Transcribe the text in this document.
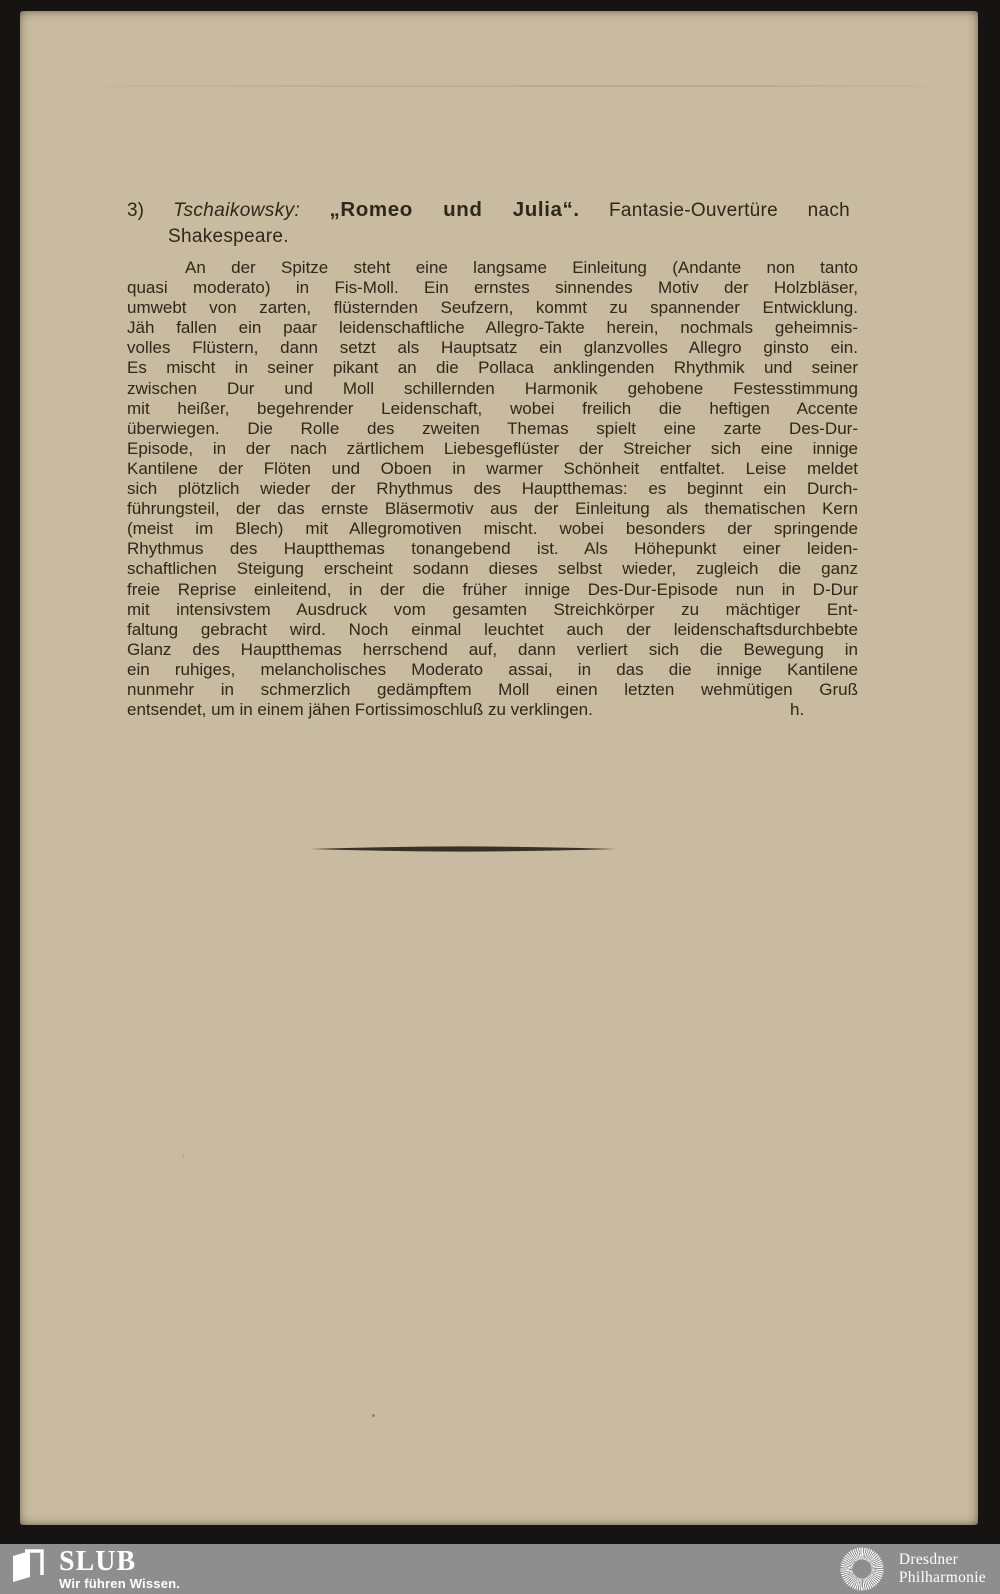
3) Tschaikowsky: „Romeo und Julia“. Fantasie-Ouvertüre nach
Shakespeare.
An der Spitze steht eine langsame Einleitung (Andante non tanto
quasi moderato) in Fis-Moll. Ein ernstes sinnendes Motiv der Holzbläser,
umwebt von zarten, flüsternden Seufzern, kommt zu spannender Entwicklung.
Jäh fallen ein paar leidenschaftliche Allegro-Takte herein, nochmals geheimnis-
volles Flüstern, dann setzt als Hauptsatz ein glanzvolles Allegro ginsto ein.
Es mischt in seiner pikant an die Pollaca anklingenden Rhythmik und seiner
zwischen Dur und Moll schillernden Harmonik gehobene Festesstimmung
mit heißer, begehrender Leidenschaft, wobei freilich die heftigen Accente
überwiegen. Die Rolle des zweiten Themas spielt eine zarte Des-Dur-
Episode, in der nach zärtlichem Liebesgeflüster der Streicher sich eine innige
Kantilene der Flöten und Oboen in warmer Schönheit entfaltet. Leise meldet
sich plötzlich wieder der Rhythmus des Hauptthemas: es beginnt ein Durch-
führungsteil, der das ernste Bläsermotiv aus der Einleitung als thematischen Kern
(meist im Blech) mit Allegromotiven mischt. wobei besonders der springende
Rhythmus des Hauptthemas tonangebend ist. Als Höhepunkt einer leiden-
schaftlichen Steigung erscheint sodann dieses selbst wieder, zugleich die ganz
freie Reprise einleitend, in der die früher innige Des-Dur-Episode nun in D-Dur
mit intensivstem Ausdruck vom gesamten Streichkörper zu mächtiger Ent-
faltung gebracht wird. Noch einmal leuchtet auch der leidenschaftsdurchbebte
Glanz des Hauptthemas herrschend auf, dann verliert sich die Bewegung in
ein ruhiges, melancholisches Moderato assai, in das die innige Kantilene
nunmehr in schmerzlich gedämpftem Moll einen letzten wehmütigen Gruß
entsendet, um in einem jähen Fortissimoschluß zu verklingen.	h.
SLUB
Wir führen Wissen.
Dresdner
Philharmonie
